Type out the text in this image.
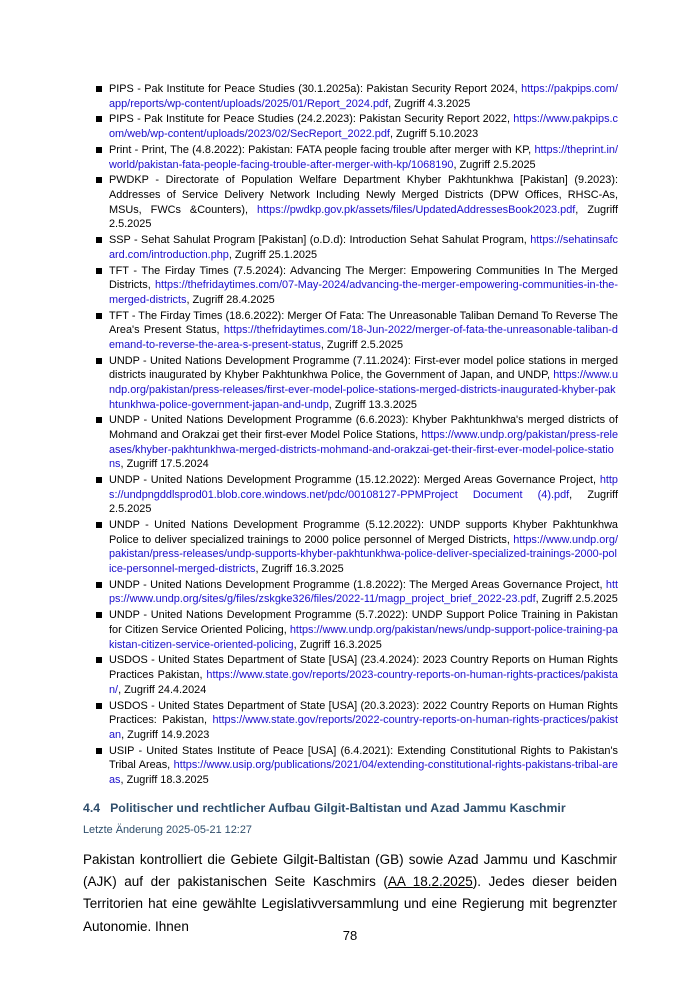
PIPS - Pak Institute for Peace Studies (30.1.2025a): Pakistan Security Report 2024, https://pakpips.com/app/reports/wp-content/uploads/2025/01/Report_2024.pdf, Zugriff 4.3.2025
PIPS - Pak Institute for Peace Studies (24.2.2023): Pakistan Security Report 2022, https://www.pakpips.com/web/wp-content/uploads/2023/02/SecReport_2022.pdf, Zugriff 5.10.2023
Print - Print, The (4.8.2022): Pakistan: FATA people facing trouble after merger with KP, https://theprint.in/world/pakistan-fata-people-facing-trouble-after-merger-with-kp/1068190, Zugriff 2.5.2025
PWDKP - Directorate of Population Welfare Department Khyber Pakhtunkhwa [Pakistan] (9.2023): Addresses of Service Delivery Network Including Newly Merged Districts (DPW Offices, RHSC-As, MSUs, FWCs &Counters), https://pwdkp.gov.pk/assets/files/UpdatedAddressesBook2023.pdf, Zugriff 2.5.2025
SSP - Sehat Sahulat Program [Pakistan] (o.D.d): Introduction Sehat Sahulat Program, https://sehatinsafcard.com/introduction.php, Zugriff 25.1.2025
TFT - The Firday Times (7.5.2024): Advancing The Merger: Empowering Communities In The Merged Districts, https://thefridaytimes.com/07-May-2024/advancing-the-merger-empowering-communities-in-the-merged-districts, Zugriff 28.4.2025
TFT - The Firday Times (18.6.2022): Merger Of Fata: The Unreasonable Taliban Demand To Reverse The Area's Present Status, https://thefridaytimes.com/18-Jun-2022/merger-of-fata-the-unreasonable-taliban-demand-to-reverse-the-area-s-present-status, Zugriff 2.5.2025
UNDP - United Nations Development Programme (7.11.2024): First-ever model police stations in merged districts inaugurated by Khyber Pakhtunkhwa Police, the Government of Japan, and UNDP, https://www.undp.org/pakistan/press-releases/first-ever-model-police-stations-merged-districts-inaugurated-khyber-pakhtunkhwa-police-government-japan-and-undp, Zugriff 13.3.2025
UNDP - United Nations Development Programme (6.6.2023): Khyber Pakhtunkhwa's merged districts of Mohmand and Orakzai get their first-ever Model Police Stations, https://www.undp.org/pakistan/press-releases/khyber-pakhtunkhwa-merged-districts-mohmand-and-orakzai-get-their-first-ever-model-police-stations, Zugriff 17.5.2024
UNDP - United Nations Development Programme (15.12.2022): Merged Areas Governance Project, https://undpngddlsprod01.blob.core.windows.net/pdc/00108127-PPMProject Document (4).pdf, Zugriff 2.5.2025
UNDP - United Nations Development Programme (5.12.2022): UNDP supports Khyber Pakhtunkhwa Police to deliver specialized trainings to 2000 police personnel of Merged Districts, https://www.undp.org/pakistan/press-releases/undp-supports-khyber-pakhtunkhwa-police-deliver-specialized-trainings-2000-police-personnel-merged-districts, Zugriff 16.3.2025
UNDP - United Nations Development Programme (1.8.2022): The Merged Areas Governance Project, https://www.undp.org/sites/g/files/zskgke326/files/2022-11/magp_project_brief_2022-23.pdf, Zugriff 2.5.2025
UNDP - United Nations Development Programme (5.7.2022): UNDP Support Police Training in Pakistan for Citizen Service Oriented Policing, https://www.undp.org/pakistan/news/undp-support-police-training-pakistan-citizen-service-oriented-policing, Zugriff 16.3.2025
USDOS - United States Department of State [USA] (23.4.2024): 2023 Country Reports on Human Rights Practices Pakistan, https://www.state.gov/reports/2023-country-reports-on-human-rights-practices/pakistan/, Zugriff 24.4.2024
USDOS - United States Department of State [USA] (20.3.2023): 2022 Country Reports on Human Rights Practices: Pakistan, https://www.state.gov/reports/2022-country-reports-on-human-rights-practices/pakistan, Zugriff 14.9.2023
USIP - United States Institute of Peace [USA] (6.4.2021): Extending Constitutional Rights to Pakistan's Tribal Areas, https://www.usip.org/publications/2021/04/extending-constitutional-rights-pakistans-tribal-areas, Zugriff 18.3.2025
4.4 Politischer und rechtlicher Aufbau Gilgit-Baltistan und Azad Jammu Kaschmir

Letzte Änderung 2025-05-21 12:27

Pakistan kontrolliert die Gebiete Gilgit-Baltistan (GB) sowie Azad Jammu und Kaschmir (AJK) auf der pakistanischen Seite Kaschmirs (AA 18.2.2025). Jedes dieser beiden Territorien hat eine gewählte Legislativversammlung und eine Regierung mit begrenzter Autonomie. Ihnen

78
